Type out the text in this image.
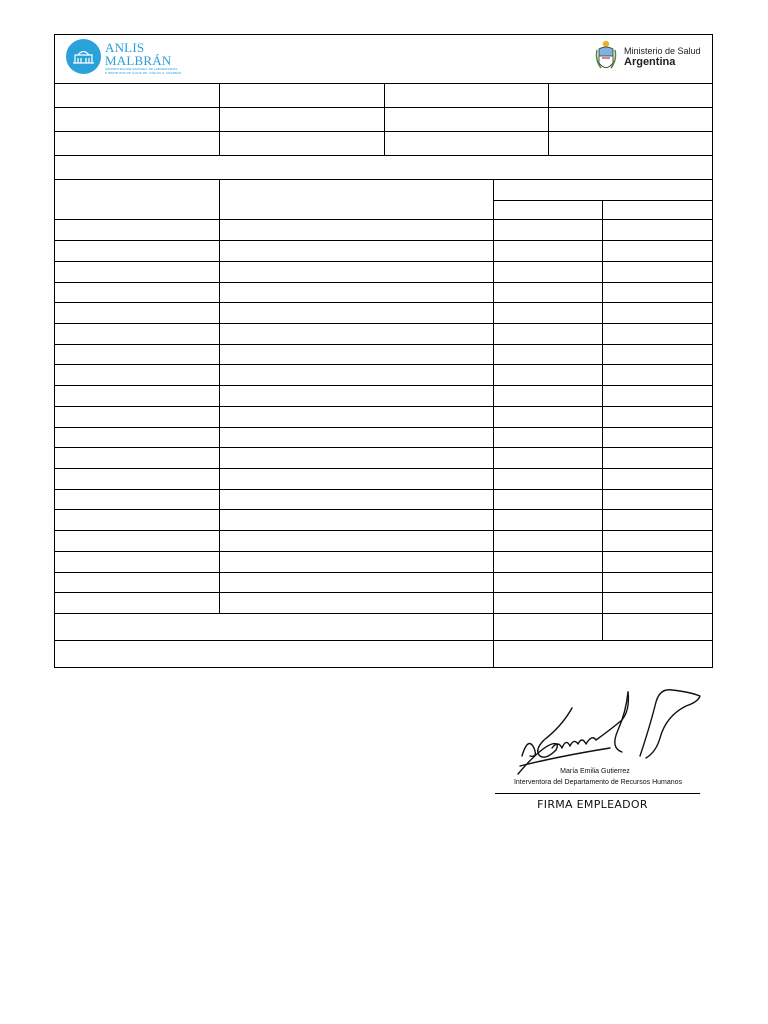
ANLIS
MALBRÁN
ADMINISTRACIÓN NACIONAL DE LABORATORIOS
E INSTITUTOS DE SALUD DR. CARLOS G. MALBRÁN
Ministerio de Salud
Argentina
María Emilia Gutierrez
Interventora del Departamento de Recursos Humanos
FIRMA EMPLEADOR
